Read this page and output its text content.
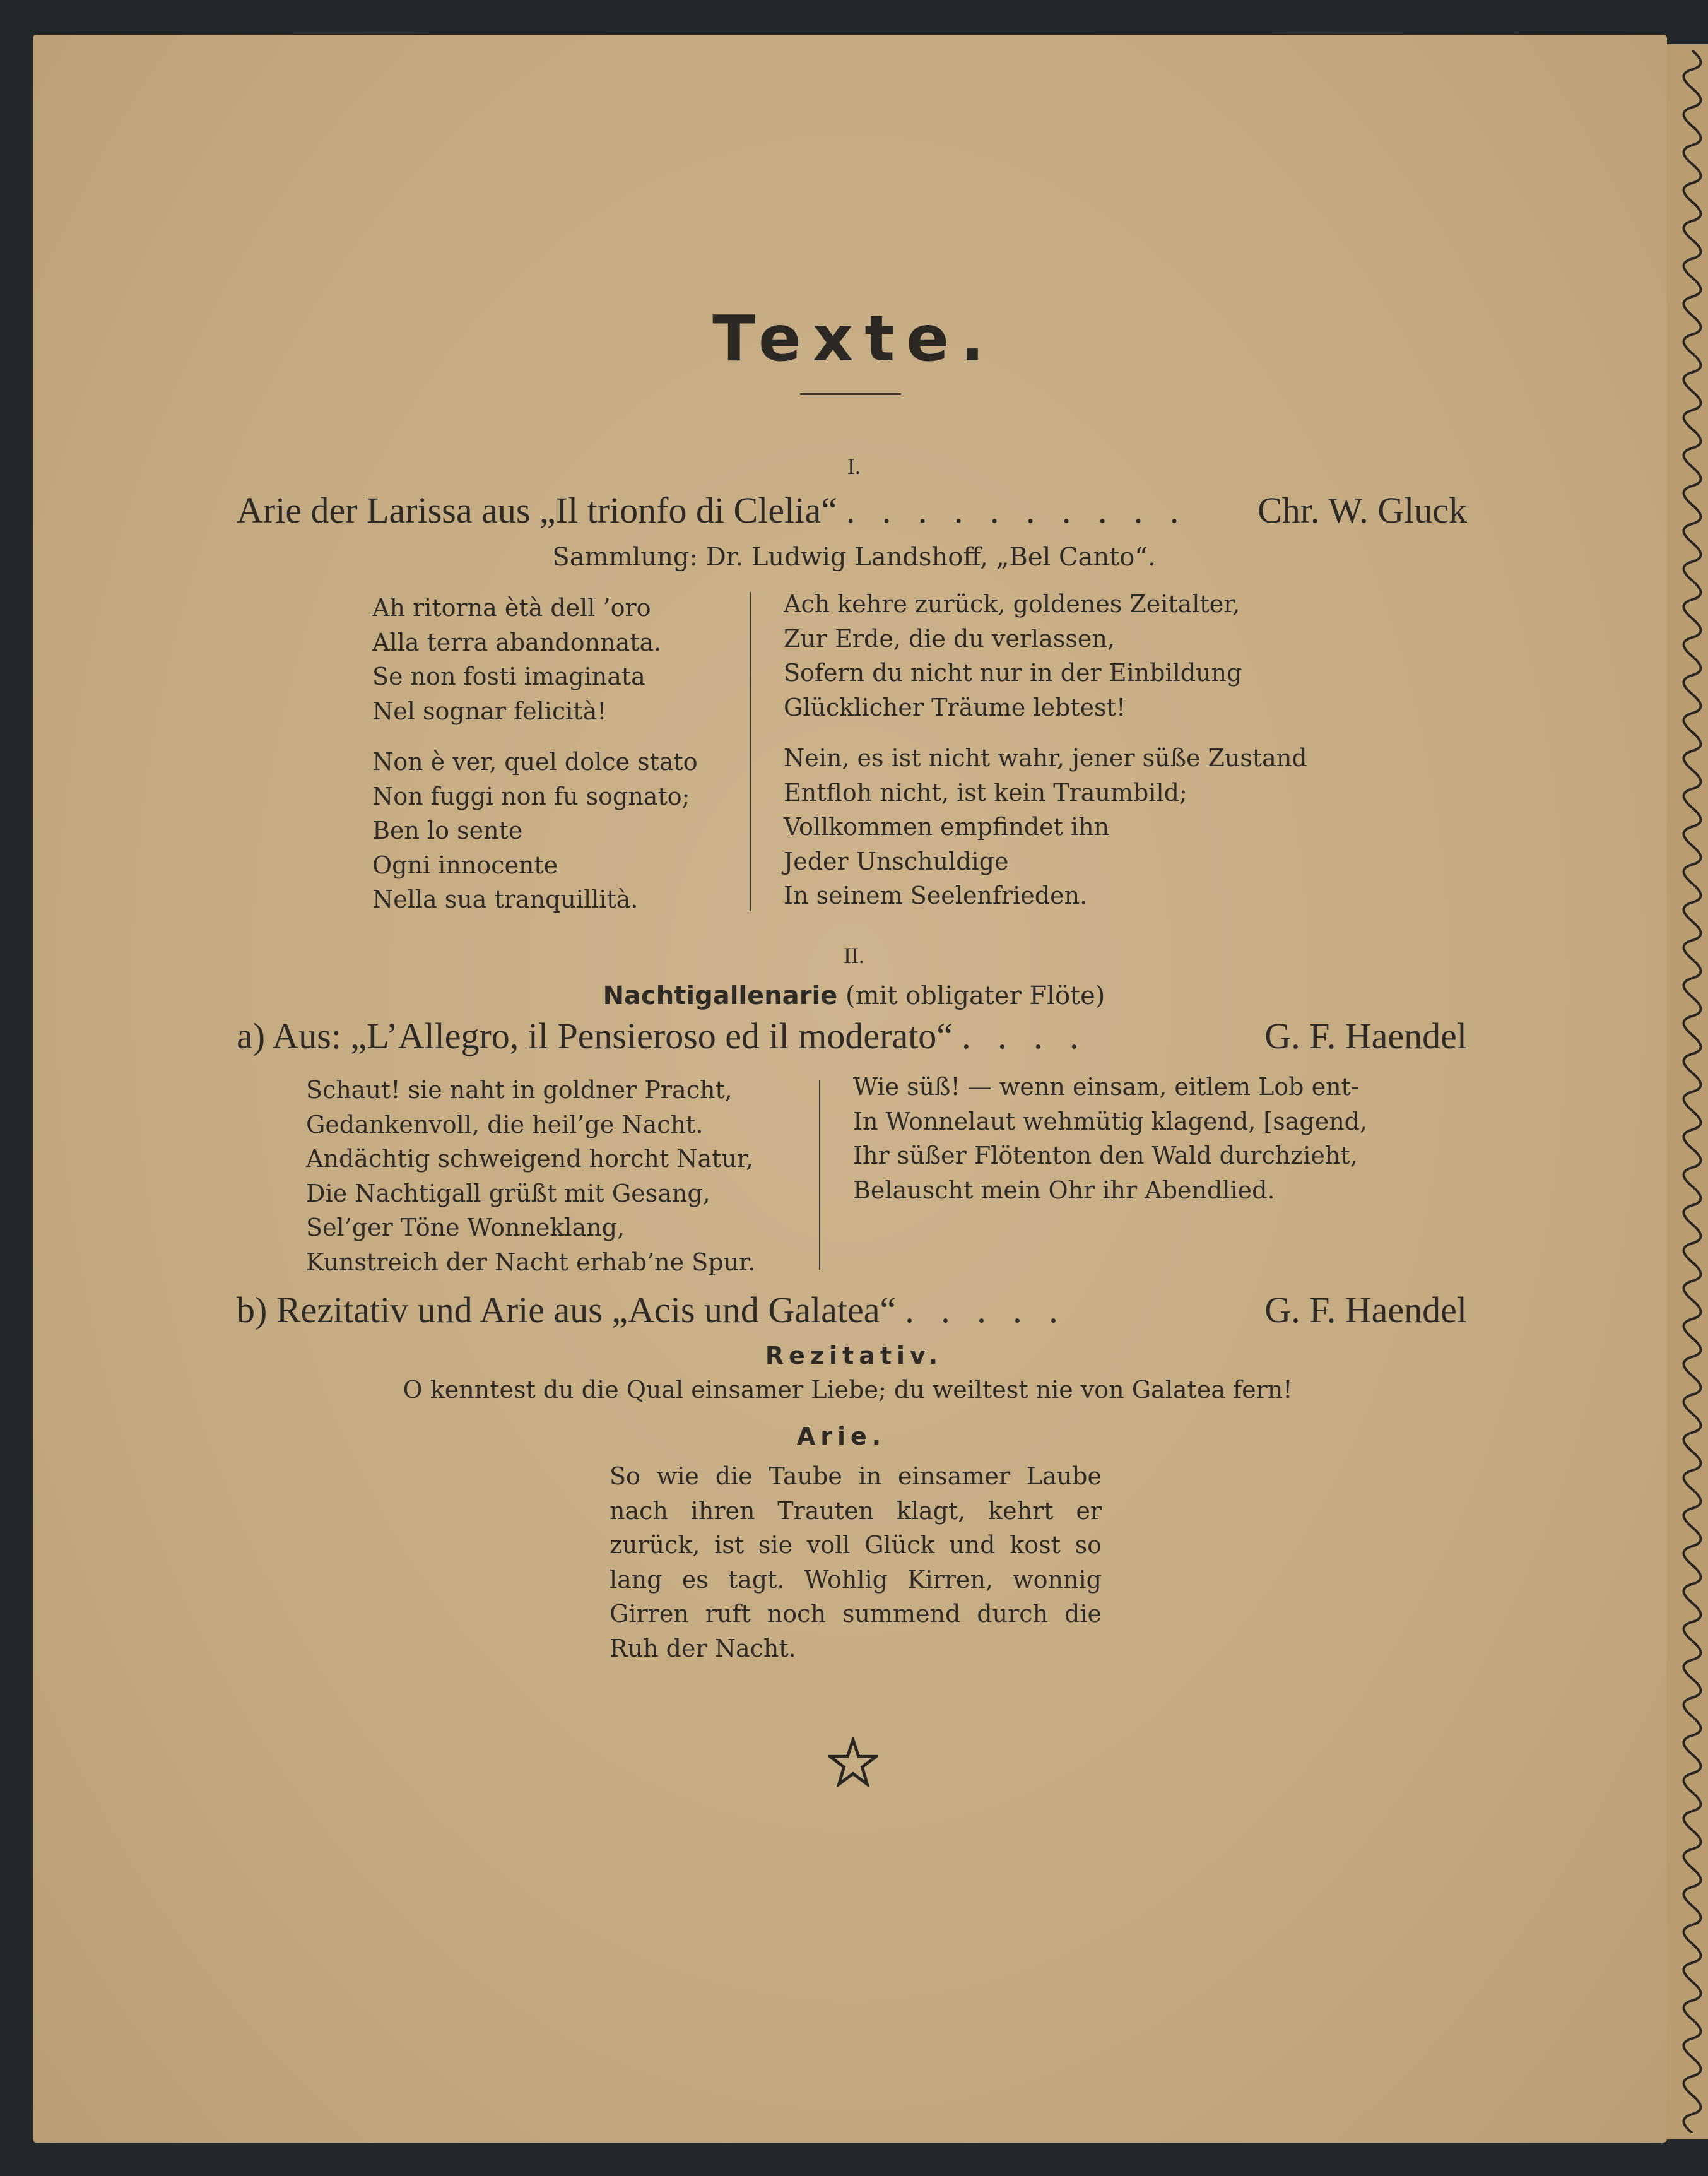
Texte.
I.
Arie der Larissa aus „Il trionfo di Clelia“ . . . . . . . . . .	Chr. W. Gluck
Sammlung: Dr. Ludwig Landshoff, „Bel Canto“.
Ah ritorna ètà dell ’oro
Alla terra abandonnata.
Se non fosti imaginata
Nel sognar felicità!
Non è ver, quel dolce stato
Non fuggi non fu sognato;
Ben lo sente
Ogni innocente
Nella sua tranquillità.
Ach kehre zurück, goldenes Zeitalter,
Zur Erde, die du verlassen,
Sofern du nicht nur in der Einbildung
Glücklicher Träume lebtest!
Nein, es ist nicht wahr, jener süße Zustand
Entfloh nicht, ist kein Traumbild;
Vollkommen empfindet ihn
Jeder Unschuldige
In seinem Seelenfrieden.
II.
Nachtigallenarie (mit obligater Flöte)
a) Aus: „L’Allegro, il Pensieroso ed il moderato“ . . . .	G. F. Haendel
Schaut! sie naht in goldner Pracht,
Gedankenvoll, die heil’ge Nacht.
Andächtig schweigend horcht Natur,
Die Nachtigall grüßt mit Gesang,
Sel’ger Töne Wonneklang,
Kunstreich der Nacht erhab’ne Spur.
Wie süß! — wenn einsam, eitlem Lob ent-
In Wonnelaut wehmütig klagend, [sagend,
Ihr süßer Flötenton den Wald durchzieht,
Belauscht mein Ohr ihr Abendlied.
b) Rezitativ und Arie aus „Acis und Galatea“ . . . . .	G. F. Haendel
Rezitativ.
O kenntest du die Qual einsamer Liebe; du weiltest nie von Galatea fern!
Arie.
So wie die Taube in einsamer Laube nach ihren Trauten klagt, kehrt er zurück, ist sie voll Glück und kost so lang es tagt. Wohlig Kirren, wonnig Girren ruft noch summend durch die Ruh der Nacht.
